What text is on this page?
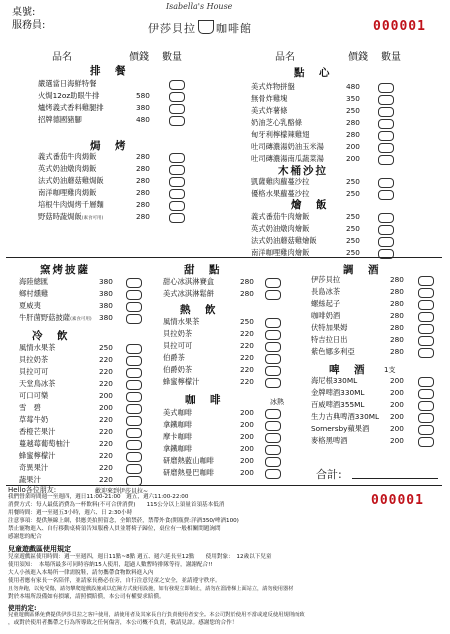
桌號:
服務員:
Isabella's House
伊莎貝拉 咖啡館	000001
品名	價錢 數量	品名	價錢 數量
排　餐
嚴選當日海鮮特餐
火焗12oz助眼牛排	580
爐烤義式香料雞腿排	380
招牌德國豬腳	480
焗　烤
義式番茄牛肉焗飯	280
英式奶油燉肉焗飯	280
法式奶油蘑菇雞焗飯	280
南洋咖哩雞肉焗飯	280
培根牛肉焗烤千層麵	280
野菇時蔬焗飯(素食可用)	280
點　心
美式炸物拼盤	480
無骨炸雞塊	350
美式炸薯條	250
奶油芝心乳酪條	280
甸牙利檸檬辣雞翅	280
吐司磚濃湯奶油玉米湯	200
吐司磚濃湯南瓜蔬菜湯	200
木桶沙拉
凱薩雞肉蘿蔓沙拉	250
優格水果蘿蔓沙拉	250
燴　飯
義式番茄牛肉燴飯	250
英式奶油燉肉燴飯	250
法式奶油蘑菇雞燴飯	250
南洋咖哩雞肉燴飯	250
窯烤披薩
海陸總匯	380
鄉村燻雞	380
夏威夷	380
牛肝菌野菇披薩(素食可用) 380
冷　飲
風情水果茶	250
貝拉奶茶	220
貝拉可可	220
天堂鳥冰茶	220
可口可樂	200
雪　碧	200
草莓牛奶	220
香橙芒果汁	220
蔓越莓葡萄柚汁	220
蜂蜜檸檬汁	220
奇異果汁	220
蔬果汁	220
甜　點
甜心冰淇淋賽盒	280
美式冰淇淋鬆餅	280
熱　飲
風情水果茶	250
貝拉奶茶	220
貝拉可可	220
伯爵茶	220
伯爵奶茶	220
蜂蜜檸檬汁	220
咖　啡	冰熱
美式咖啡	200
拿鐵咖啡	200
摩卡咖啡	200
拿鐵咖啡	200
研磨熱藍山咖啡	200
研磨熱曼巴咖啡	200
調　酒
伊莎貝拉	280
長島冰茶	280
螺絲起子	280
咖啡奶酒	280
伏特加果姆	280
特吉拉日出	280
紫色娜多利亞	280
啤　酒	1支
海尼根330ML	200
金牌啤酒330ML	200
百威啤酒355ML	200
生力古典啤酒330ML 200
Somersby蘋果酒	200
麥格黑啤酒	200
合計:
000001
Hello各位朋友:	歡迎來到伊莎貝拉~
我們營業時間週一至週四，週日11:00-21:00　週五，週六11:00-22:00
消費方式：每人最低消費為一杯飲料(不可合併消費)　　115公分以上須量首須基本低消
用餐時間：週一至週五3小時，週六、日 2:30小時
注意事項：提供無線上網，供應美拍照留念，全館禁菸，禁帶外食(開瓶費:洋酒350/啤酒100)
禁止寵物進入、自行移動桌椅須告知服務人員並將椅子歸位，桌位有一般相關問題詢問
感謝您的配合
兒童遊戲區使用規定
兒童遊戲區使用時間：週一至週四，週日11點~8點 週五、週六延長至12點　　使用對象：　12歲以下兒童
使用須知：　本場所最多可同時容納15人使用，超過人數暫時排隊等待，謝謝配合!!
大人小孩進入本場所一律需脫鞋，請勿攜帶食物飲料進入內
使用者應有家長一名陪伴，並請家長務必在旁，自行注意兒童之安全，並請遵守秩序。
且勿奔跑，以免受傷，請勿攀爬遊戲設施或以危險方式使用設施，如有發現立即制止，請勿在溜滑梯上面站立，請勿使用器材
對於本場所設備如有損壞，請照價賠償，本公司有權要求賠償。
使用約定:
兒童遊戲區係免費提供伊莎貝拉之客戶使用，請使用者及其家長自行負責使用者安全。本公司對於使用不當或違反使用規則而致
，或對於使用者攜帶之行為所導致之任何傷害，本公司概不負責，敬請見諒。感謝您的合作！
